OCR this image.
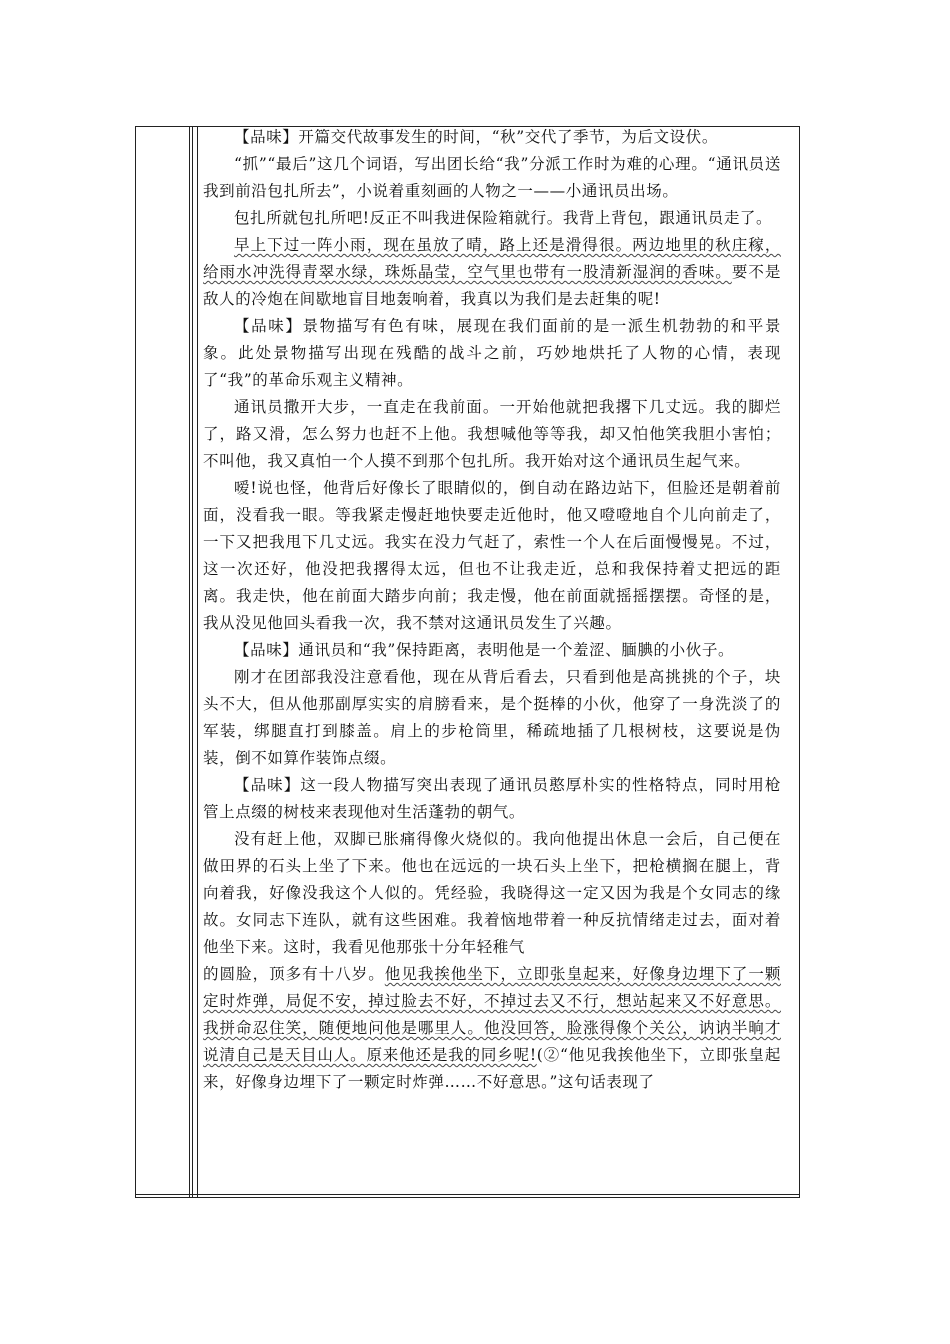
【品味】开篇交代故事发生的时间，“秋”交代了季节，为后文设伏。

“抓”“最后”这几个词语，写出团长给“我”分派工作时为难的心理。“通讯员送我到前沿包扎所去”，小说着重刻画的人物之一——小通讯员出场。

包扎所就包扎所吧!反正不叫我进保险箱就行。我背上背包，跟通讯员走了。

早上下过一阵小雨，现在虽放了晴，路上还是滑得很。两边地里的秋庄稼，给雨水冲洗得青翠水绿，珠烁晶莹，空气里也带有一股清新湿润的香味。要不是敌人的冷炮在间歇地盲目地轰响着，我真以为我们是去赶集的呢!

【品味】景物描写有色有味，展现在我们面前的是一派生机勃勃的和平景象。此处景物描写出现在残酷的战斗之前，巧妙地烘托了人物的心情，表现了“我”的革命乐观主义精神。

通讯员撒开大步，一直走在我前面。一开始他就把我撂下几丈远。我的脚烂了，路又滑，怎么努力也赶不上他。我想喊他等等我，却又怕他笑我胆小害怕；不叫他，我又真怕一个人摸不到那个包扎所。我开始对这个通讯员生起气来。

嗳!说也怪，他背后好像长了眼睛似的，倒自动在路边站下，但脸还是朝着前面，没看我一眼。等我紧走慢赶地快要走近他时，他又噔噔地自个儿向前走了，一下又把我甩下几丈远。我实在没力气赶了，索性一个人在后面慢慢晃。不过，这一次还好，他没把我撂得太远，但也不让我走近，总和我保持着丈把远的距离。我走快，他在前面大踏步向前；我走慢，他在前面就摇摇摆摆。奇怪的是，我从没见他回头看我一次，我不禁对这通讯员发生了兴趣。

【品味】通讯员和“我”保持距离，表明他是一个羞涩、腼腆的小伙子。

刚才在团部我没注意看他，现在从背后看去，只看到他是高挑挑的个子，块头不大，但从他那副厚实实的肩膀看来，是个挺棒的小伙，他穿了一身洗淡了的军装，绑腿直打到膝盖。肩上的步枪筒里，稀疏地插了几根树枝，这要说是伪装，倒不如算作装饰点缀。

【品味】这一段人物描写突出表现了通讯员憨厚朴实的性格特点，同时用枪管上点缀的树枝来表现他对生活蓬勃的朝气。

没有赶上他，双脚已胀痛得像火烧似的。我向他提出休息一会后，自己便在做田界的石头上坐了下来。他也在远远的一块石头上坐下，把枪横搁在腿上，背向着我，好像没我这个人似的。凭经验，我晓得这一定又因为我是个女同志的缘故。女同志下连队，就有这些困难。我着恼地带着一种反抗情绪走过去，面对着他坐下来。这时，我看见他那张十分年轻稚气

的圆脸，顶多有十八岁。他见我挨他坐下，立即张皇起来，好像身边埋下了一颗定时炸弹，局促不安，掉过脸去不好，不掉过去又不行，想站起来又不好意思。我拼命忍住笑，随便地问他是哪里人。他没回答，脸涨得像个关公，讷讷半晌才说清自己是天目山人。原来他还是我的同乡呢!(②“他见我挨他坐下，立即张皇起来，好像身边埋下了一颗定时炸弹……不好意思。”这句话表现了
